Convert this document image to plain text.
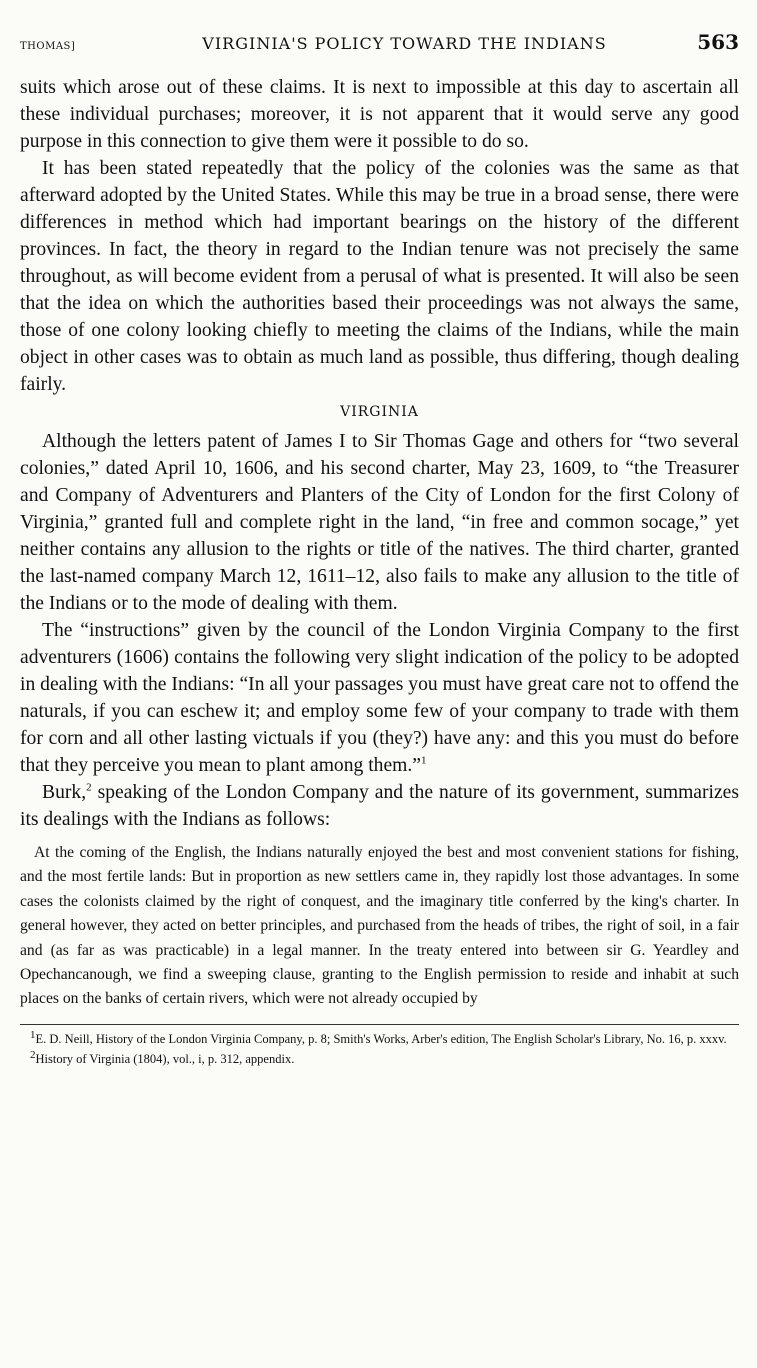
THOMAS]	VIRGINIA'S POLICY TOWARD THE INDIANS	563

suits which arose out of these claims. It is next to impossible at this day to ascertain all these individual purchases; moreover, it is not apparent that it would serve any good purpose in this connection to give them were it possible to do so.

It has been stated repeatedly that the policy of the colonies was the same as that afterward adopted by the United States. While this may be true in a broad sense, there were differences in method which had important bearings on the history of the different provinces. In fact, the theory in regard to the Indian tenure was not precisely the same throughout, as will become evident from a perusal of what is presented. It will also be seen that the idea on which the authorities based their proceedings was not always the same, those of one colony looking chiefly to meeting the claims of the Indians, while the main object in other cases was to obtain as much land as possible, thus differing, though dealing fairly.

VIRGINIA

Although the letters patent of James I to Sir Thomas Gage and others for “two several colonies,” dated April 10, 1606, and his second charter, May 23, 1609, to “the Treasurer and Company of Adventurers and Planters of the City of London for the first Colony of Virginia,” granted full and complete right in the land, “in free and common socage,” yet neither contains any allusion to the rights or title of the natives. The third charter, granted the last-named company March 12, 1611–12, also fails to make any allusion to the title of the Indians or to the mode of dealing with them.

The “instructions” given by the council of the London Virginia Company to the first adventurers (1606) contains the following very slight indication of the policy to be adopted in dealing with the Indians: “In all your passages you must have great care not to offend the naturals, if you can eschew it; and employ some few of your company to trade with them for corn and all other lasting victuals if you (they?) have any: and this you must do before that they perceive you mean to plant among them.”$^1$

Burk,$^2$ speaking of the London Company and the nature of its government, summarizes its dealings with the Indians as follows:

At the coming of the English, the Indians naturally enjoyed the best and most convenient stations for fishing, and the most fertile lands: But in proportion as new settlers came in, they rapidly lost those advantages. In some cases the colonists claimed by the right of conquest, and the imaginary title conferred by the king's charter. In general however, they acted on better principles, and purchased from the heads of tribes, the right of soil, in a fair and (as far as was practicable) in a legal manner. In the treaty entered into between sir G. Yeardley and Opechancanough, we find a sweeping clause, granting to the English permission to reside and inhabit at such places on the banks of certain rivers, which were not already occupied by

$^1$E. D. Neill, History of the London Virginia Company, p. 8; Smith's Works, Arber's edition, The English Scholar's Library, No. 16, p. xxxv.

$^2$History of Virginia (1804), vol., i, p. 312, appendix.
